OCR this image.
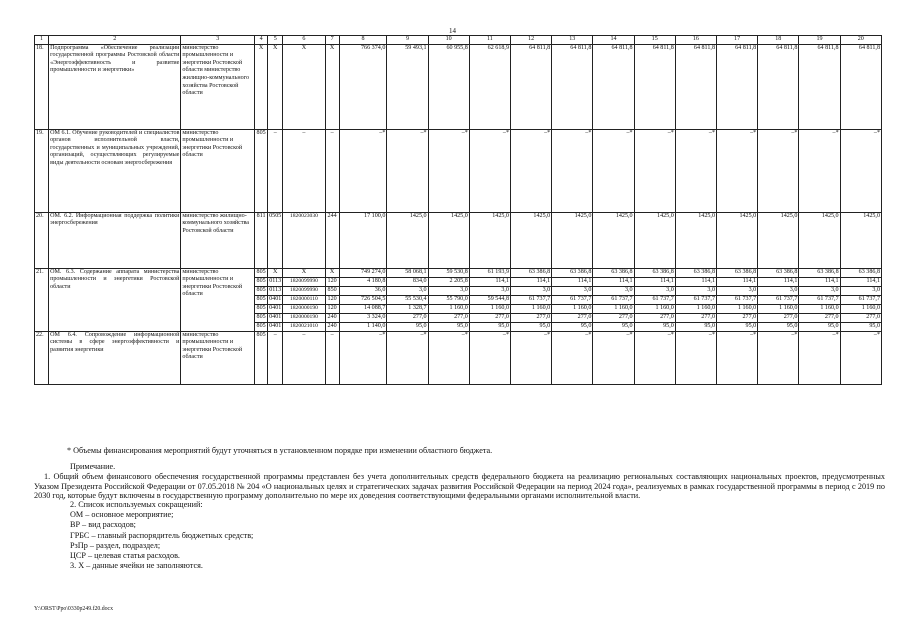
14
1	2	3	4	5	6	7	8	9	10	11	12	13	14	15	16	17	18	19	20
18.	Подпрограмма «Обеспечение реализации государственной программы Ростовской области «Энергоэффективность и развитие промышленности и энергетики»	министерство промышленности и энергетики Ростовской области министерство жилищно-коммунального хозяйства Ростовской области	Х	Х	Х	Х	766 374,0	59 493,1	60 955,8	62 618,9	64 811,8	64 811,8	64 811,8	64 811,8	64 811,8	64 811,8	64 811,8	64 811,8	64 811,8
19.	ОМ 6.1. Обучение руководителей и специалистов органов исполнительной власти, государственных и муниципальных учреждений, организаций, осуществляющих регулируемые виды деятельности основам энергосбережения	министерство промышленности и энергетики Ростовской области	805	–	–	–	–*	–*	–*	–*	–*	–*	–*	–*	–*	–*	–*	–*	–*
20.	ОМ. 6.2. Информационная поддержка политики энергосбережения	министерство жилищно-коммунального хозяйства Ростовской области	811	0505	1820023030	244	17 100,0	1425,0	1425,0	1425,0	1425,0	1425,0	1425,0	1425,0	1425,0	1425,0	1425,0	1425,0	1425,0
21.	ОМ. 6.3. Содержание аппарата министерства промышленности и энергетики Ростовской области	министерство промышленности и энергетики Ростовской области	805	Х	Х	Х	749 274,0	58 068,1	59 530,8	61 193,9	63 386,8	63 386,8	63 386,8	63 386,8	63 386,8	63 386,8	63 386,8	63 386,8	63 386,8
			805	0113	1820099990	120	4 180,8	834,0	2 205,8	114,1	114,1	114,1	114,1	114,1	114,1	114,1	114,1	114,1	114,1
			805	0113	1820099990	850	36,0	3,0	3,0	3,0	3,0	3,0	3,0	3,0	3,0	3,0	3,0	3,0	3,0
			805	0401	1820000110	120	726 504,5	55 530,4	55 790,0	59 544,8	61 737,7	61 737,7	61 737,7	61 737,7	61 737,7	61 737,7	61 737,7	61 737,7	61 737,7
			805	0401	1820000190	120	14 088,7	1 328,7	1 160,0	1 160,0	1 160,0	1 160,0	1 160,0	1 160,0	1 160,0	1 160,0	1 160,0	1 160,0	1 160,0
			805	0401	1820000190	240	3 324,0	277,0	277,0	277,0	277,0	277,0	277,0	277,0	277,0	277,0	277,0	277,0	277,0
			805	0401	1820021010	240	1 140,0	95,0	95,0	95,0	95,0	95,0	95,0	95,0	95,0	95,0	95,0	95,0	95,0
22.	ОМ 6.4. Сопровождение информационной системы в сфере энергоэффективности и развития энергетики	министерство промышленности и энергетики Ростовской области	805	–	–	–	–*	–*	–*	–*	–*	–*	–*	–*	–*	–*	–*	–*	–*

* Объемы финансирования мероприятий будут уточняться в установленном порядке при изменении областного бюджета.

Примечание.

1. Общий объем финансового обеспечения государственной программы представлен без учета дополнительных средств федерального бюджета на реализацию региональных составляющих национальных проектов, предусмотренных Указом Президента Российской Федерации от 07.05.2018 № 204 «О национальных целях и стратегических задачах развития Российской Федерации на период 2024 года», реализуемых в рамках государственной программы в период с 2019 по 2030 год, которые будут включены в государственную программу дополнительно по мере их доведения соответствующими федеральными органами исполнительной власти.

2. Список используемых сокращений:

ОМ – основное мероприятие;

ВР – вид расходов;

ГРБС – главный распорядитель бюджетных средств;

РзПр – раздел, подраздел;

ЦСР – целевая статья расходов.

3. Х – данные ячейки не заполняются.

Y:\ORST\Ppo\0330p249.f20.docx
